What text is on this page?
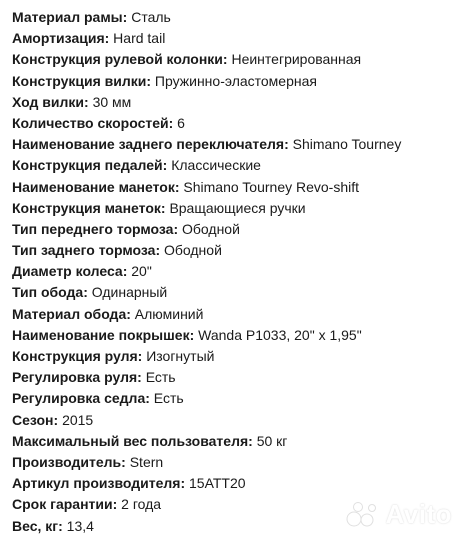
Материал рамы: Сталь
Амортизация: Hard tail
Конструкция рулевой колонки: Неинтегрированная
Конструкция вилки: Пружинно-эластомерная
Ход вилки: 30 мм
Количество скоростей: 6
Наименование заднего переключателя: Shimano Tourney
Конструкция педалей: Классические
Наименование манеток: Shimano Tourney Revo-shift
Конструкция манеток: Вращающиеся ручки
Тип переднего тормоза: Ободной
Тип заднего тормоза: Ободной
Диаметр колеса: 20"
Тип обода: Одинарный
Материал обода: Алюминий
Наименование покрышек: Wanda P1033, 20" x 1,95"
Конструкция руля: Изогнутый
Регулировка руля: Есть
Регулировка седла: Есть
Сезон: 2015
Максимальный вес пользователя: 50 кг
Производитель: Stern
Артикул производителя: 15ATT20
Срок гарантии: 2 года
Вес, кг: 13,4	Avito
